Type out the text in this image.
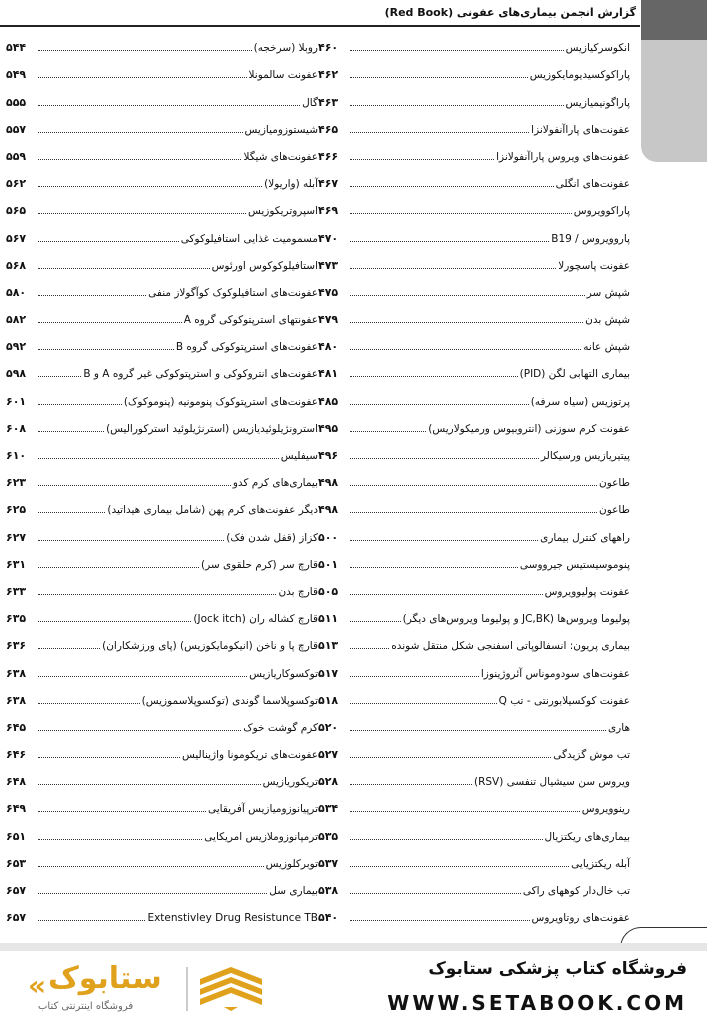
گزارش انجمن بیماری‌های عفونی (Red Book)
انکوسرکیازیس
۴۶۰
پاراکوکسیدیومایکوزیس
۴۶۲
پاراگونیمیازیس
۴۶۳
عفونت‌های پاراآنفولانزا
۴۶۵
عفونت‌های ویروس پاراآنفولانزا
۴۶۶
عفونت‌های انگلی
۴۶۷
پاراکوویروس
۴۶۹
پاروویروس / B19
۴۷۰
عفونت پاسچورلا
۴۷۳
شپش سر
۴۷۵
شپش بدن
۴۷۹
شپش عانه
۴۸۰
بیماری التهابی لگن (PID)
۴۸۱
پرتوزیس (سیاه سرفه)
۴۸۵
عفونت کرم سوزنی (انتروبیوس ورمیکولاریس)
۴۹۵
پیتیریازیس ورسیکالر
۴۹۶
طاعون
۴۹۸
طاعون
۴۹۸
راههای کنترل بیماری
۵۰۰
پنوموسیستیس جیرووسی
۵۰۱
عفونت پولیوویروس
۵۰۵
پولیوما ویروس‌ها (JC,BK و پولیوما ویروس‌های دیگر)
۵۱۱
بیماری پریون: انسفالوپاتی اسفنجی شکل منتقل شونده
۵۱۳
عفونت‌های سودوموناس آئروژینوزا
۵۱۷
عفونت کوکسیلابورنتی - تب Q
۵۱۸
هاری
۵۲۰
تب موش گزیدگی
۵۲۷
ویروس سن سیشیال تنفسی (RSV)
۵۲۸
رینوویروس
۵۳۴
بیماری‌های ریکتزیال
۵۳۵
آبله ریکتزیایی
۵۳۷
تب خال‌دار کوههای راکی
۵۳۸
عفونت‌های روتاویروس
۵۴۰
روبلا (سرخجه)
۵۴۴
عفونت سالمونلا
۵۴۹
گال
۵۵۵
شیستوزومیازیس
۵۵۷
عفونت‌های شیگلا
۵۵۹
آبله (واریولا)
۵۶۲
اسپروتریکوزیس
۵۶۵
مسمومیت غذایی استافیلوکوکی
۵۶۷
استافیلوکوکوس اورئوس
۵۶۸
عفونت‌های استافیلوکوک کوآگولاز منفی
۵۸۰
عفونتهای استرپتوکوکی گروه A
۵۸۲
عفونت‌های استرپتوکوکی گروه B
۵۹۲
عفونت‌های انتروکوکی و استرپتوکوکی غیر گروه A و B
۵۹۸
عفونت‌های استرپتوکوک پنومونیه (پنوموکوک)
۶۰۱
استرونژیلوئیدیازیس (استرنژیلوئید استرکورالیس)
۶۰۸
سیفلیس
۶۱۰
بیماری‌های کرم کدو
۶۲۳
دیگر عفونت‌های کرم پهن (شامل بیماری هیداتید)
۶۲۵
کزاز (قفل شدن فک)
۶۲۷
قارچ سر (کرم حلقوی سر)
۶۳۱
قارچ بدن
۶۳۳
قارچ کشاله ران (Jock itch)
۶۳۵
قارچ پا و ناخن (انیکومایکوزیس) (پای ورزشکاران)
۶۳۶
توکسوکاریازیس
۶۳۸
توکسوپلاسما گوندی (توکسوپلاسموزیس)
۶۳۸
کرم گوشت خوک
۶۴۵
عفونت‌های تریکومونا واژینالیس
۶۴۶
تریکوریازیس
۶۴۸
ترپیانوزومیازیس آفریقایی
۶۴۹
ترمپانوزوملازیس امریکایی
۶۵۱
توبرکلوزیس
۶۵۳
بیماری سل
۶۵۷
Extenstivley Drug Resistunce TB
۶۵۷
فروشگاه کتاب پزشکی ستابوک
WWW.SETABOOK.COM
« ستابوک
فروشگاه اینترنتی کتاب
